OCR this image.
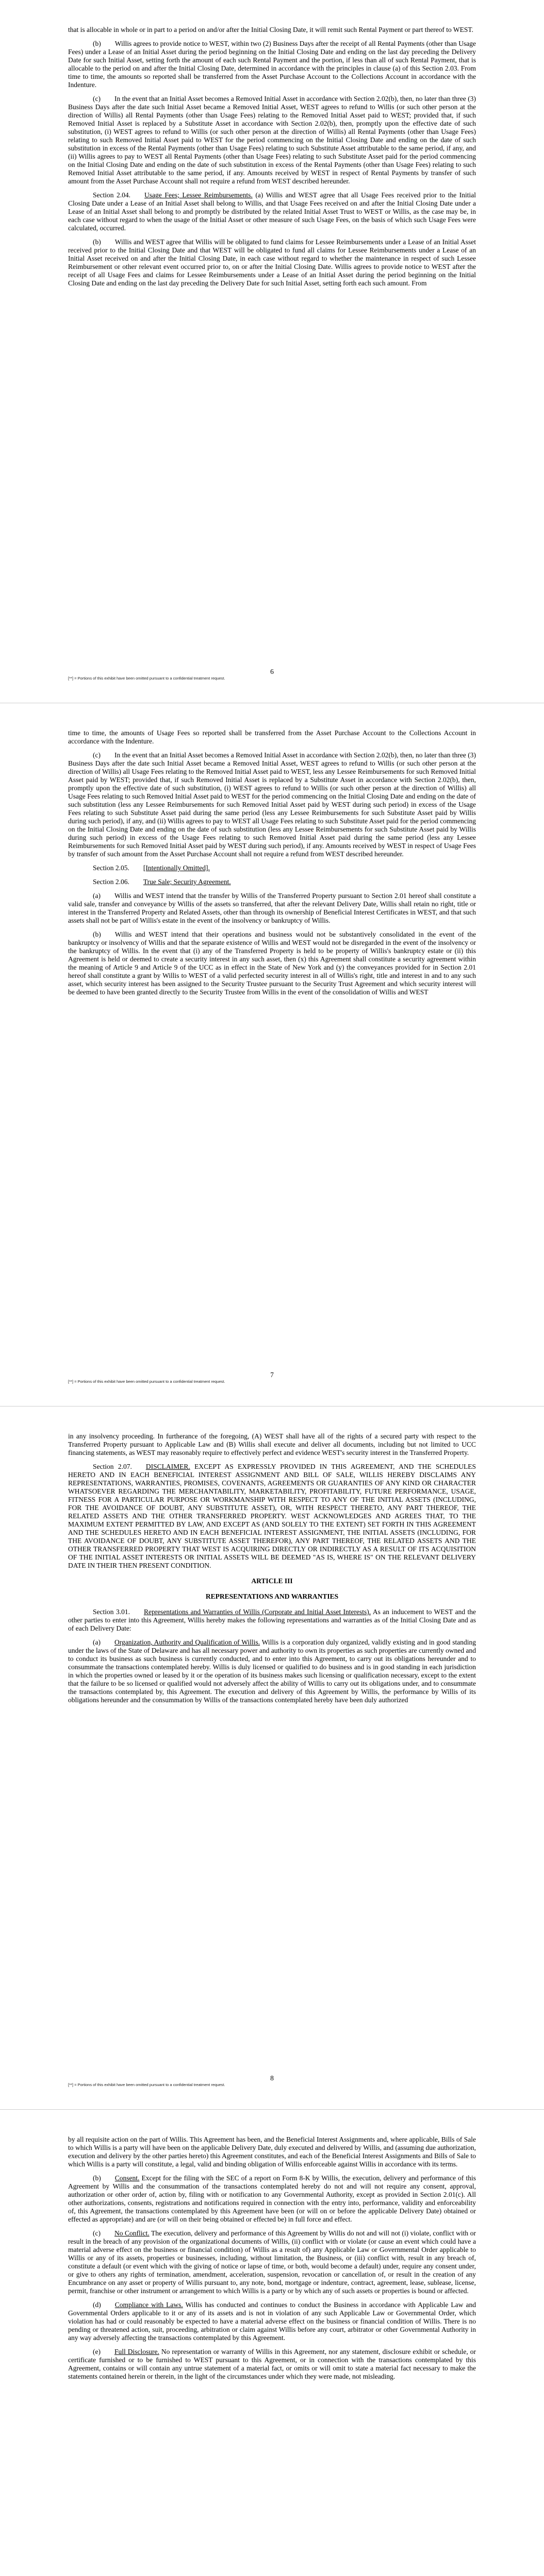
that is allocable in whole or in part to a period on and/or after the Initial Closing Date, it will remit such Rental Payment or part thereof to WEST.

(b)  Willis agrees to provide notice to WEST, within two (2) Business Days after the receipt of all Rental Payments (other than Usage Fees) under a Lease of an Initial Asset during the period beginning on the Initial Closing Date and ending on the last day preceding the Delivery Date for such Initial Asset, setting forth the amount of each such Rental Payment and the portion, if less than all of such Rental Payment, that is allocable to the period on and after the Initial Closing Date, determined in accordance with the principles in clause (a) of this Section 2.03. From time to time, the amounts so reported shall be transferred from the Asset Purchase Account to the Collections Account in accordance with the Indenture.

(c)  In the event that an Initial Asset becomes a Removed Initial Asset in accordance with Section 2.02(b), then, no later than three (3) Business Days after the date such Initial Asset became a Removed Initial Asset, WEST agrees to refund to Willis (or such other person at the direction of Willis) all Rental Payments (other than Usage Fees) relating to the Removed Initial Asset paid to WEST; provided that, if such Removed Initial Asset is replaced by a Substitute Asset in accordance with Section 2.02(b), then, promptly upon the effective date of such substitution, (i) WEST agrees to refund to Willis (or such other person at the direction of Willis) all Rental Payments (other than Usage Fees) relating to such Removed Initial Asset paid to WEST for the period commencing on the Initial Closing Date and ending on the date of such substitution in excess of the Rental Payments (other than Usage Fees) relating to such Substitute Asset attributable to the same period, if any, and (ii) Willis agrees to pay to WEST all Rental Payments (other than Usage Fees) relating to such Substitute Asset paid for the period commencing on the Initial Closing Date and ending on the date of such substitution in excess of the Rental Payments (other than Usage Fees) relating to such Removed Initial Asset attributable to the same period, if any. Amounts received by WEST in respect of Rental Payments by transfer of such amount from the Asset Purchase Account shall not require a refund from WEST described hereunder.

Section 2.04.   Usage Fees; Lessee Reimbursements. (a) Willis and WEST agree that all Usage Fees received prior to the Initial Closing Date under a Lease of an Initial Asset shall belong to Willis, and that Usage Fees received on and after the Initial Closing Date under a Lease of an Initial Asset shall belong to and promptly be distributed by the related Initial Asset Trust to WEST or Willis, as the case may be, in each case without regard to when the usage of the Initial Asset or other measure of such Usage Fees, on the basis of which such Usage Fees were calculated, occurred.

(b)  Willis and WEST agree that Willis will be obligated to fund claims for Lessee Reimbursements under a Lease of an Initial Asset received prior to the Initial Closing Date and that WEST will be obligated to fund all claims for Lessee Reimbursements under a Lease of an Initial Asset received on and after the Initial Closing Date, in each case without regard to whether the maintenance in respect of such Lessee Reimbursement or other relevant event occurred prior to, on or after the Initial Closing Date. Willis agrees to provide notice to WEST after the receipt of all Usage Fees and claims for Lessee Reimbursements under a Lease of an Initial Asset during the period beginning on the Initial Closing Date and ending on the last day preceding the Delivery Date for such Initial Asset, setting forth each such amount. From

6
[**] = Portions of this exhibit have been omitted pursuant to a confidential treatment request.

time to time, the amounts of Usage Fees so reported shall be transferred from the Asset Purchase Account to the Collections Account in accordance with the Indenture.

(c)  In the event that an Initial Asset becomes a Removed Initial Asset in accordance with Section 2.02(b), then, no later than three (3) Business Days after the date such Initial Asset became a Removed Initial Asset, WEST agrees to refund to Willis (or such other person at the direction of Willis) all Usage Fees relating to the Removed Initial Asset paid to WEST, less any Lessee Reimbursements for such Removed Initial Asset paid by WEST; provided that, if such Removed Initial Asset is replaced by a Substitute Asset in accordance with Section 2.02(b), then, promptly upon the effective date of such substitution, (i) WEST agrees to refund to Willis (or such other person at the direction of Willis) all Usage Fees relating to such Removed Initial Asset paid to WEST for the period commencing on the Initial Closing Date and ending on the date of such substitution (less any Lessee Reimbursements for such Removed Initial Asset paid by WEST during such period) in excess of the Usage Fees relating to such Substitute Asset paid during the same period (less any Lessee Reimbursements for such Substitute Asset paid by Willis during such period), if any, and (ii) Willis agrees to pay to WEST all Usage Fees relating to such Substitute Asset paid for the period commencing on the Initial Closing Date and ending on the date of such substitution (less any Lessee Reimbursements for such Substitute Asset paid by Willis during such period) in excess of the Usage Fees relating to such Removed Initial Asset paid during the same period (less any Lessee Reimbursements for such Removed Initial Asset paid by WEST during such period), if any. Amounts received by WEST in respect of Usage Fees by transfer of such amount from the Asset Purchase Account shall not require a refund from WEST described hereunder.

Section 2.05.   [Intentionally Omitted].

Section 2.06.   True Sale; Security Agreement.

(a)  Willis and WEST intend that the transfer by Willis of the Transferred Property pursuant to Section 2.01 hereof shall constitute a valid sale, transfer and conveyance by Willis of the assets so transferred, that after the relevant Delivery Date, Willis shall retain no right, title or interest in the Transferred Property and Related Assets, other than through its ownership of Beneficial Interest Certificates in WEST, and that such assets shall not be part of Willis's estate in the event of the insolvency or bankruptcy of Willis.

(b)  Willis and WEST intend that their operations and business would not be substantively consolidated in the event of the bankruptcy or insolvency of Willis and that the separate existence of Willis and WEST would not be disregarded in the event of the insolvency or the bankruptcy of Willis. In the event that (i) any of the Transferred Property is held to be property of Willis's bankruptcy estate or (ii) this Agreement is held or deemed to create a security interest in any such asset, then (x) this Agreement shall constitute a security agreement within the meaning of Article 9 and Article 9 of the UCC as in effect in the State of New York and (y) the conveyances provided for in Section 2.01 hereof shall constitute a grant by Willis to WEST of a valid perfected security interest in all of Willis's right, title and interest in and to any such asset, which security interest has been assigned to the Security Trustee pursuant to the Security Trust Agreement and which security interest will be deemed to have been granted directly to the Security Trustee from Willis in the event of the consolidation of Willis and WEST

7
[**] = Portions of this exhibit have been omitted pursuant to a confidential treatment request.

in any insolvency proceeding. In furtherance of the foregoing, (A) WEST shall have all of the rights of a secured party with respect to the Transferred Property pursuant to Applicable Law and (B) Willis shall execute and deliver all documents, including but not limited to UCC financing statements, as WEST may reasonably require to effectively perfect and evidence WEST's security interest in the Transferred Property.

Section 2.07.   DISCLAIMER. EXCEPT AS EXPRESSLY PROVIDED IN THIS AGREEMENT, AND THE SCHEDULES HERETO AND IN EACH BENEFICIAL INTEREST ASSIGNMENT AND BILL OF SALE, WILLIS HEREBY DISCLAIMS ANY REPRESENTATIONS, WARRANTIES, PROMISES, COVENANTS, AGREEMENTS OR GUARANTIES OF ANY KIND OR CHARACTER WHATSOEVER REGARDING THE MERCHANTABILITY, MARKETABILITY, PROFITABILITY, FUTURE PERFORMANCE, USAGE, FITNESS FOR A PARTICULAR PURPOSE OR WORKMANSHIP WITH RESPECT TO ANY OF THE INITIAL ASSETS (INCLUDING, FOR THE AVOIDANCE OF DOUBT, ANY SUBSTITUTE ASSET), OR, WITH RESPECT THERETO, ANY PART THEREOF, THE RELATED ASSETS AND THE OTHER TRANSFERRED PROPERTY. WEST ACKNOWLEDGES AND AGREES THAT, TO THE MAXIMUM EXTENT PERMITTED BY LAW, AND EXCEPT AS (AND SOLELY TO THE EXTENT) SET FORTH IN THIS AGREEMENT AND THE SCHEDULES HERETO AND IN EACH BENEFICIAL INTEREST ASSIGNMENT, THE INITIAL ASSETS (INCLUDING, FOR THE AVOIDANCE OF DOUBT, ANY SUBSTITUTE ASSET THEREFOR), ANY PART THEREOF, THE RELATED ASSETS AND THE OTHER TRANSFERRED PROPERTY THAT WEST IS ACQUIRING DIRECTLY OR INDIRECTLY AS A RESULT OF ITS ACQUISITION OF THE INITIAL ASSET INTERESTS OR INITIAL ASSETS WILL BE DEEMED "AS IS, WHERE IS" ON THE RELEVANT DELIVERY DATE IN THEIR THEN PRESENT CONDITION.

ARTICLE III

REPRESENTATIONS AND WARRANTIES

Section 3.01.   Representations and Warranties of Willis (Corporate and Initial Asset Interests). As an inducement to WEST and the other parties to enter into this Agreement, Willis hereby makes the following representations and warranties as of the Initial Closing Date and as of each Delivery Date:

(a)   Organization, Authority and Qualification of Willis. Willis is a corporation duly organized, validly existing and in good standing under the laws of the State of Delaware and has all necessary power and authority to own its properties as such properties are currently owned and to conduct its business as such business is currently conducted, and to enter into this Agreement, to carry out its obligations hereunder and to consummate the transactions contemplated hereby. Willis is duly licensed or qualified to do business and is in good standing in each jurisdiction in which the properties owned or leased by it or the operation of its business makes such licensing or qualification necessary, except to the extent that the failure to be so licensed or qualified would not adversely affect the ability of Willis to carry out its obligations under, and to consummate the transactions contemplated by, this Agreement. The execution and delivery of this Agreement by Willis, the performance by Willis of its obligations hereunder and the consummation by Willis of the transactions contemplated hereby have been duly authorized

8
[**] = Portions of this exhibit have been omitted pursuant to a confidential treatment request.

by all requisite action on the part of Willis. This Agreement has been, and the Beneficial Interest Assignments and, where applicable, Bills of Sale to which Willis is a party will have been on the applicable Delivery Date, duly executed and delivered by Willis, and (assuming due authorization, execution and delivery by the other parties hereto) this Agreement constitutes, and each of the Beneficial Interest Assignments and Bills of Sale to which Willis is a party will constitute, a legal, valid and binding obligation of Willis enforceable against Willis in accordance with its terms.

(b)   Consent. Except for the filing with the SEC of a report on Form 8-K by Willis, the execution, delivery and performance of this Agreement by Willis and the consummation of the transactions contemplated hereby do not and will not require any consent, approval, authorization or other order of, action by, filing with or notification to any Governmental Authority, except as provided in Section 2.01(c). All other authorizations, consents, registrations and notifications required in connection with the entry into, performance, validity and enforceability of, this Agreement, the transactions contemplated by this Agreement have been (or will on or before the applicable Delivery Date) obtained or effected as appropriate) and are (or will on their being obtained or effected be) in full force and effect.

(c)   No Conflict. The execution, delivery and performance of this Agreement by Willis do not and will not (i) violate, conflict with or result in the breach of any provision of the organizational documents of Willis, (ii) conflict with or violate (or cause an event which could have a material adverse effect on the business or financial condition) of Willis as a result of) any Applicable Law or Governmental Order applicable to Willis or any of its assets, properties or businesses, including, without limitation, the Business, or (iii) conflict with, result in any breach of, constitute a default (or event which with the giving of notice or lapse of time, or both, would become a default) under, require any consent under, or give to others any rights of termination, amendment, acceleration, suspension, revocation or cancellation of, or result in the creation of any Encumbrance on any asset or property of Willis pursuant to, any note, bond, mortgage or indenture, contract, agreement, lease, sublease, license, permit, franchise or other instrument or arrangement to which Willis is a party or by which any of such assets or properties is bound or affected.

(d)   Compliance with Laws. Willis has conducted and continues to conduct the Business in accordance with Applicable Law and Governmental Orders applicable to it or any of its assets and is not in violation of any such Applicable Law or Governmental Order, which violation has had or could reasonably be expected to have a material adverse effect on the business or financial condition of Willis. There is no pending or threatened action, suit, proceeding, arbitration or claim against Willis before any court, arbitrator or other Governmental Authority in any way adversely affecting the transactions contemplated by this Agreement.

(e)   Full Disclosure. No representation or warranty of Willis in this Agreement, nor any statement, disclosure exhibit or schedule, or certificate furnished or to be furnished to WEST pursuant to this Agreement, or in connection with the transactions contemplated by this Agreement, contains or will contain any untrue statement of a material fact, or omits or will omit to state a material fact necessary to make the statements contained herein or therein, in the light of the circumstances under which they were made, not misleading.
